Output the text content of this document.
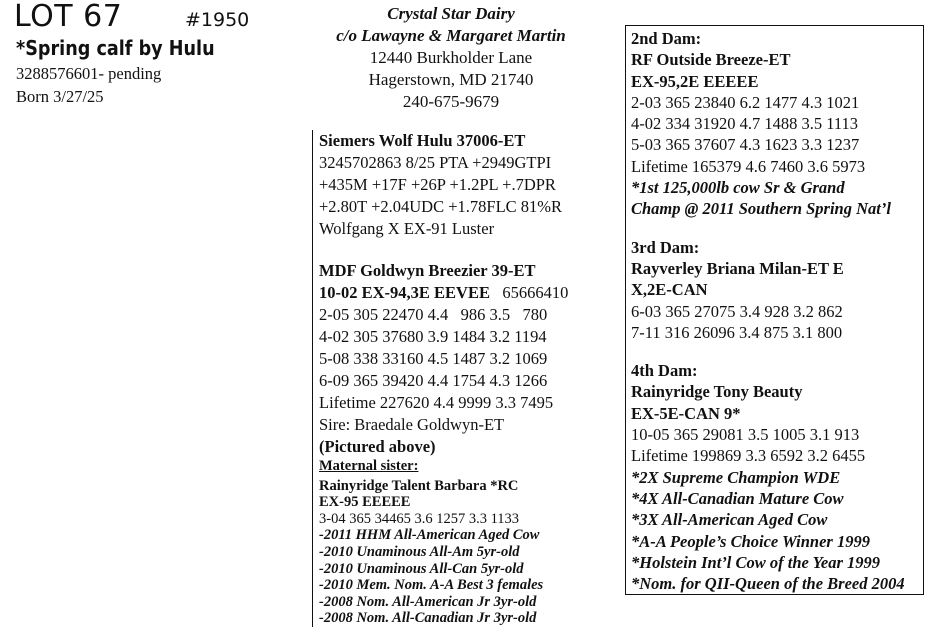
LOT 67	#1950
*Spring calf by Hulu
3288576601- pending
Born 3/27/25
Crystal Star Dairy
c/o Lawayne & Margaret Martin
12440 Burkholder Lane
Hagerstown, MD 21740
240-675-9679
Siemers Wolf Hulu 37006-ET
3245702863 8/25 PTA +2949GTPI
+435M +17F +26P +1.2PL +.7DPR
+2.80T +2.04UDC +1.78FLC 81%R
Wolfgang X EX-91 Luster
MDF Goldwyn Breezier 39-ET
10-02 EX-94,3E EEVEE 65666410
2-05 305 22470 4.4   986 3.5   780
4-02 305 37680 3.9 1484 3.2 1194
5-08 338 33160 4.5 1487 3.2 1069
6-09 365 39420 4.4 1754 4.3 1266
Lifetime 227620 4.4 9999 3.3 7495
Sire: Braedale Goldwyn-ET
(Pictured above)
Maternal sister:
Rainyridge Talent Barbara *RC
EX-95 EEEEE
3-04 365 34465 3.6 1257 3.3 1133
-2011 HHM All-American Aged Cow
-2010 Unaminous All-Am 5yr-old
-2010 Unaminous All-Can 5yr-old
-2010 Mem. Nom. A-A Best 3 females
-2008 Nom. All-American Jr 3yr-old
-2008 Nom. All-Canadian Jr 3yr-old
2nd Dam:
RF Outside Breeze-ET
EX-95,2E EEEEE
2-03 365 23840 6.2 1477 4.3 1021
4-02 334 31920 4.7 1488 3.5 1113
5-03 365 37607 4.3 1623 3.3 1237
Lifetime 165379 4.6 7460 3.6 5973
*1st 125,000lb cow Sr & Grand
Champ @ 2011 Southern Spring Nat’l
3rd Dam:
Rayverley Briana Milan-ET E
X,2E-CAN
6-03 365 27075 3.4 928 3.2 862
7-11 316 26096 3.4 875 3.1 800
4th Dam:
Rainyridge Tony Beauty
EX-5E-CAN 9*
10-05 365 29081 3.5 1005 3.1 913
Lifetime 199869 3.3 6592 3.2 6455
*2X Supreme Champion WDE
*4X All-Canadian Mature Cow
*3X All-American Aged Cow
*A-A People’s Choice Winner 1999
*Holstein Int’l Cow of the Year 1999
*Nom. for QII-Queen of the Breed 2004
